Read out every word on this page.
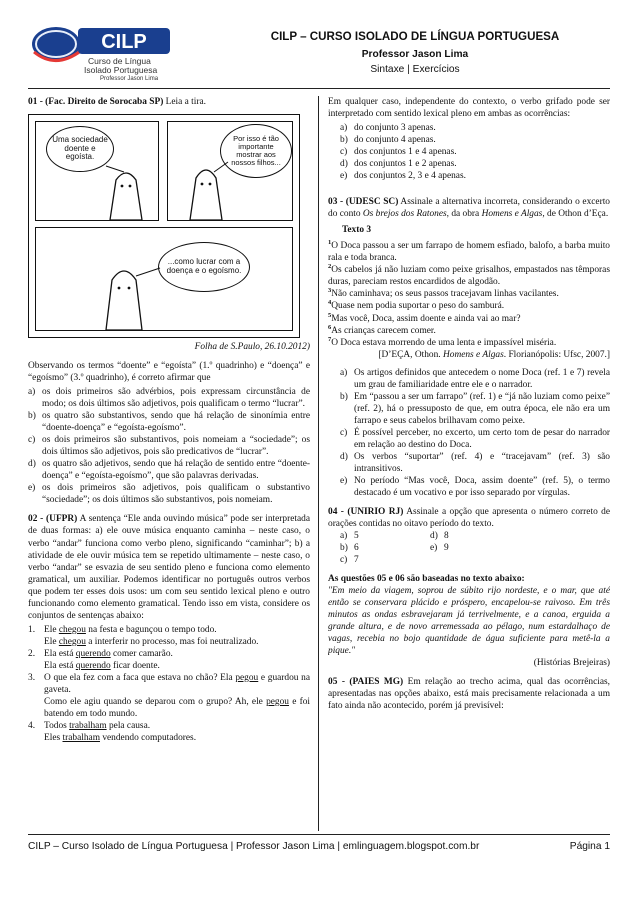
CILP
Curso de Língua
Isolado Portuguesa
Professor Jason Lima
CILP – CURSO ISOLADO DE LÍNGUA PORTUGUESA
Professor Jason Lima
Sintaxe | Exercícios

01 - (Fac. Direito de Sorocaba SP) Leia a tira.

Uma sociedade doente e egoísta.
Por isso é tão importante mostrar aos nossos filhos...
...como lucrar com a doença e o egoísmo.
Folha de S.Paulo, 26.10.2012)

Observando os termos “doente” e “egoísta” (1.º quadrinho) e “doença” e “egoísmo” (3.º quadrinho), é correto afirmar que

a) os dois primeiros são advérbios, pois expressam circunstância de modo; os dois últimos são adjetivos, pois qualificam o termo “lucrar”.
b) os quatro são substantivos, sendo que há relação de sinonímia entre “doente-doença” e “egoísta-egoísmo”.
c) os dois primeiros são substantivos, pois nomeiam a “sociedade”; os dois últimos são adjetivos, pois são predicativos de “lucrar”.
d) os quatro são adjetivos, sendo que há relação de sentido entre “doente-doença” e “egoísta-egoísmo”, que são palavras derivadas.
e) os dois primeiros são adjetivos, pois qualificam o substantivo “sociedade”; os dois últimos são substantivos, pois nomeiam.

02 - (UFPR) A sentença “Ele anda ouvindo música” pode ser interpretada de duas formas: a) ele ouve música enquanto caminha – neste caso, o verbo “andar” funciona como verbo pleno, significando “caminhar”; b) a atividade de ele ouvir música tem se repetido ultimamente – neste caso, o verbo “andar” se esvazia de seu sentido pleno e funciona como elemento gramatical, um auxiliar. Podemos identificar no português outros verbos que podem ter esses dois usos: um com seu sentido lexical pleno e outro funcionando como elemento gramatical. Tendo isso em vista, considere os conjuntos de sentenças abaixo:

1. Ele chegou na festa e bagunçou o tempo todo.
Ele chegou a interferir no processo, mas foi neutralizado.
2. Ela está querendo comer camarão.
Ela está querendo ficar doente.
3. O que ela fez com a faca que estava no chão? Ela pegou e guardou na gaveta.
Como ele agiu quando se deparou com o grupo? Ah, ele pegou e foi batendo em todo mundo.
4. Todos trabalham pela causa.
Eles trabalham vendendo computadores.

Em qualquer caso, independente do contexto, o verbo grifado pode ser interpretado com sentido lexical pleno em ambas as ocorrências:

a) do conjunto 3 apenas.
b) do conjunto 4 apenas.
c) dos conjuntos 1 e 4 apenas.
d) dos conjuntos 1 e 2 apenas.
e) dos conjuntos 2, 3 e 4 apenas.

03 - (UDESC SC) Assinale a alternativa incorreta, considerando o excerto do conto Os brejos dos Ratones, da obra Homens e Algas, de Othon d’Eça.

Texto 3
$^1$O Doca passou a ser um farrapo de homem esfiado, balofo, a barba muito rala e toda branca.
$^2$Os cabelos já não luziam como peixe grisalhos, empastados nas têmporas duras, pareciam restos encardidos de algodão.
$^3$Não caminhava; os seus passos tracejavam linhas vacilantes.
$^4$Quase nem podia suportar o peso do samburá.
$^5$Mas você, Doca, assim doente e ainda vai ao mar?
$^6$As crianças carecem comer.
$^7$O Doca estava morrendo de uma lenta e impassível miséria.
[D’EÇA, Othon. Homens e Algas. Florianópolis: Ufsc, 2007.]
a) Os artigos definidos que antecedem o nome Doca (ref. 1 e 7) revela um grau de familiaridade entre ele e o narrador.
b) Em “passou a ser um farrapo” (ref. 1) e “já não luziam como peixe” (ref. 2), há o pressuposto de que, em outra época, ele não era um farrapo e seus cabelos brilhavam como peixe.
c) É possível perceber, no excerto, um certo tom de pesar do narrador em relação ao destino do Doca.
d) Os verbos “suportar” (ref. 4) e “tracejavam” (ref. 3) são intransitivos.
e) No período “Mas você, Doca, assim doente” (ref. 5), o termo destacado é um vocativo e por isso separado por vírgulas.

04 - (UNIRIO RJ) Assinale a opção que apresenta o número correto de orações contidas no oitavo período do texto.

a) 5	d) 8
b) 6	e) 9
c) 7

As questões 05 e 06 são baseadas no texto abaixo:

"Em meio da viagem, soprou de súbito rijo nordeste, e o mar, que até então se conservara plácido e próspero, encapelou-se raivoso. Em três minutos as ondas esbravejaram já terrivelmente, e a canoa, erguida a grande altura, e de novo arremessada ao pélago, num estardalhaço de vagas, recebia no bojo quantidade de água suficiente para metê-la a pique."

(Histórias Brejeiras)

05 - (PAIES MG) Em relação ao trecho acima, qual das ocorrências, apresentadas nas opções abaixo, está mais precisamente relacionada a um fato ainda não acontecido, porém já previsível:

CILP – Curso Isolado de Língua Portuguesa | Professor Jason Lima | emlinguagem.blogspot.com.br	Página 1
